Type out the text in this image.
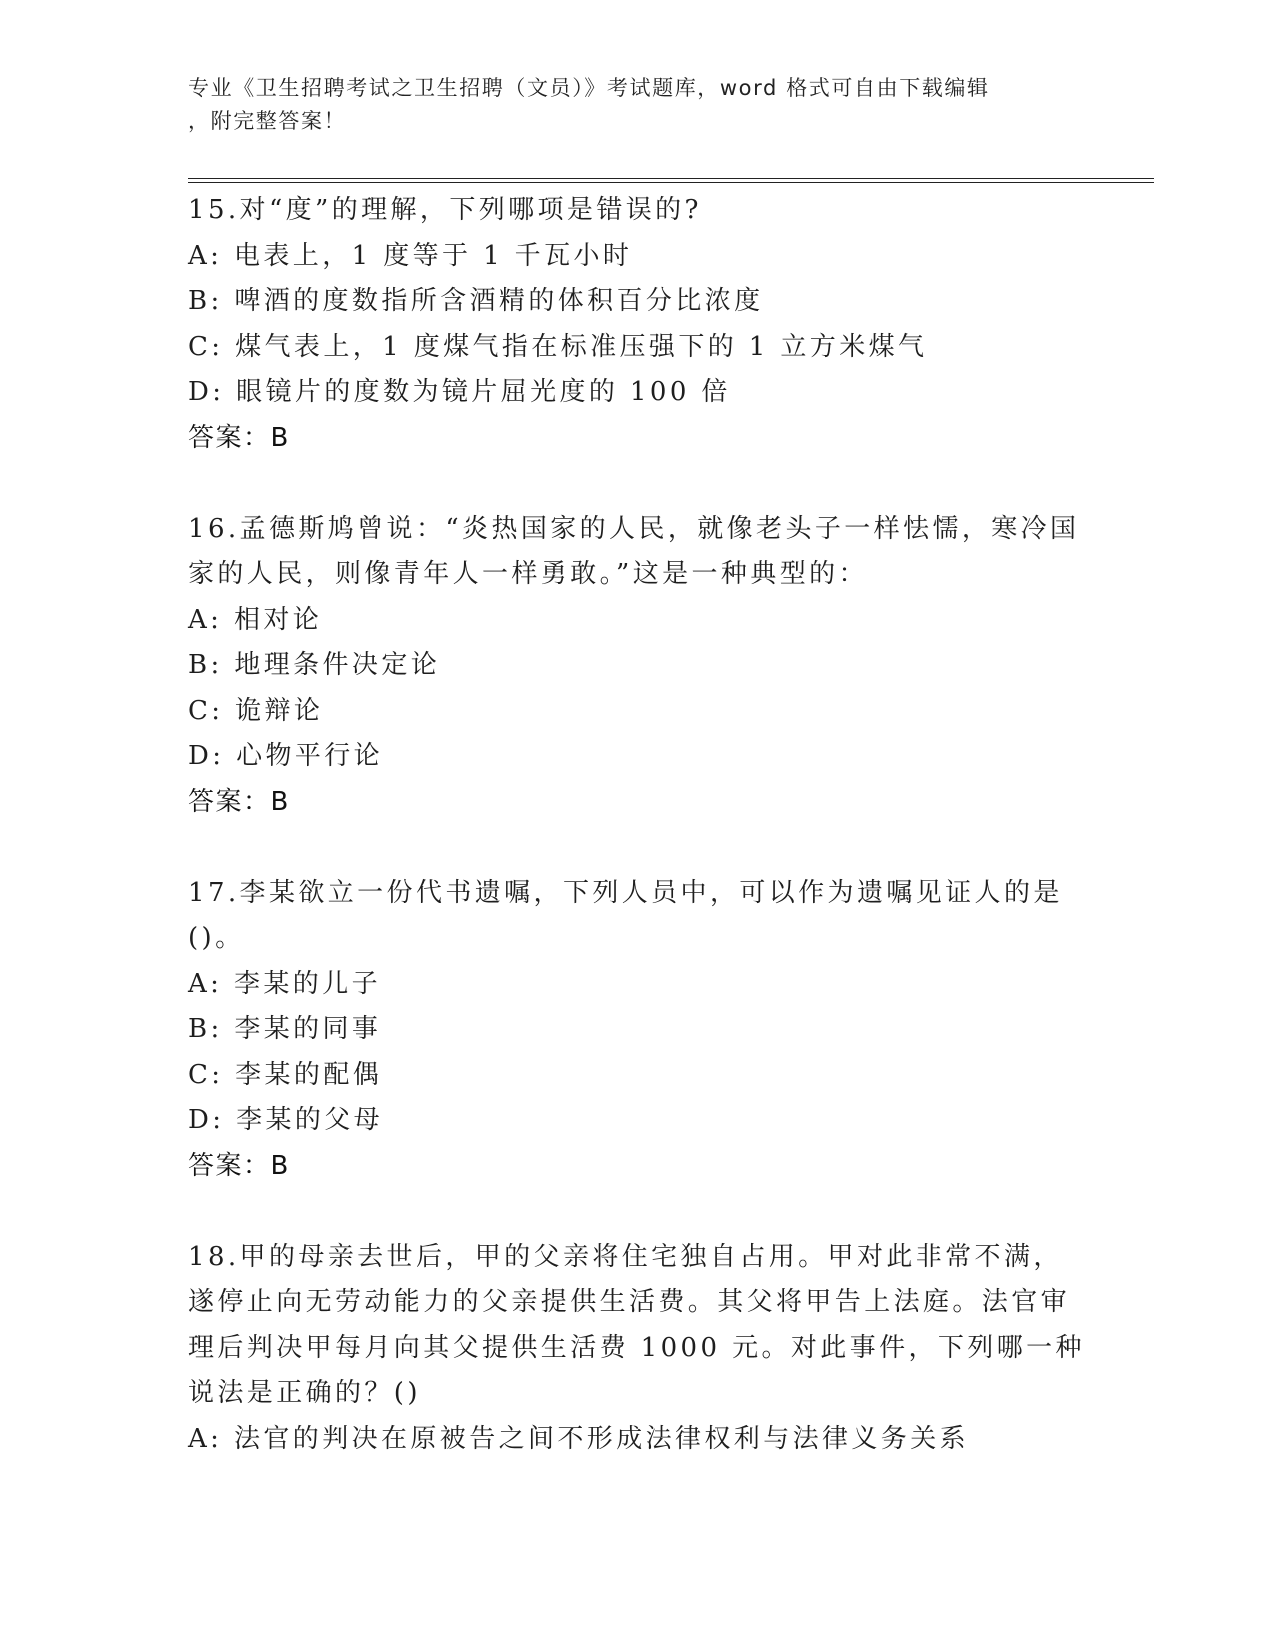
专业《卫生招聘考试之卫生招聘（文员）》考试题库，word 格式可自由下载编辑
，附完整答案！

15.对“度”的理解，下列哪项是错误的?

A: 电表上，1 度等于 1 千瓦小时

B: 啤酒的度数指所含酒精的体积百分比浓度

C: 煤气表上，1 度煤气指在标准压强下的 1 立方米煤气

D: 眼镜片的度数为镜片屈光度的 100 倍

答案：B

16.孟德斯鸠曾说：“炎热国家的人民，就像老头子一样怯懦，寒冷国家的人民，则像青年人一样勇敢。”这是一种典型的：

A: 相对论

B: 地理条件决定论

C: 诡辩论

D: 心物平行论

答案：B

17.李某欲立一份代书遗嘱，下列人员中，可以作为遗嘱见证人的是()。

A: 李某的儿子

B: 李某的同事

C: 李某的配偶

D: 李某的父母

答案：B

18.甲的母亲去世后，甲的父亲将住宅独自占用。甲对此非常不满，遂停止向无劳动能力的父亲提供生活费。其父将甲告上法庭。法官审理后判决甲每月向其父提供生活费 1000 元。对此事件，下列哪一种说法是正确的？()

A: 法官的判决在原被告之间不形成法律权利与法律义务关系
